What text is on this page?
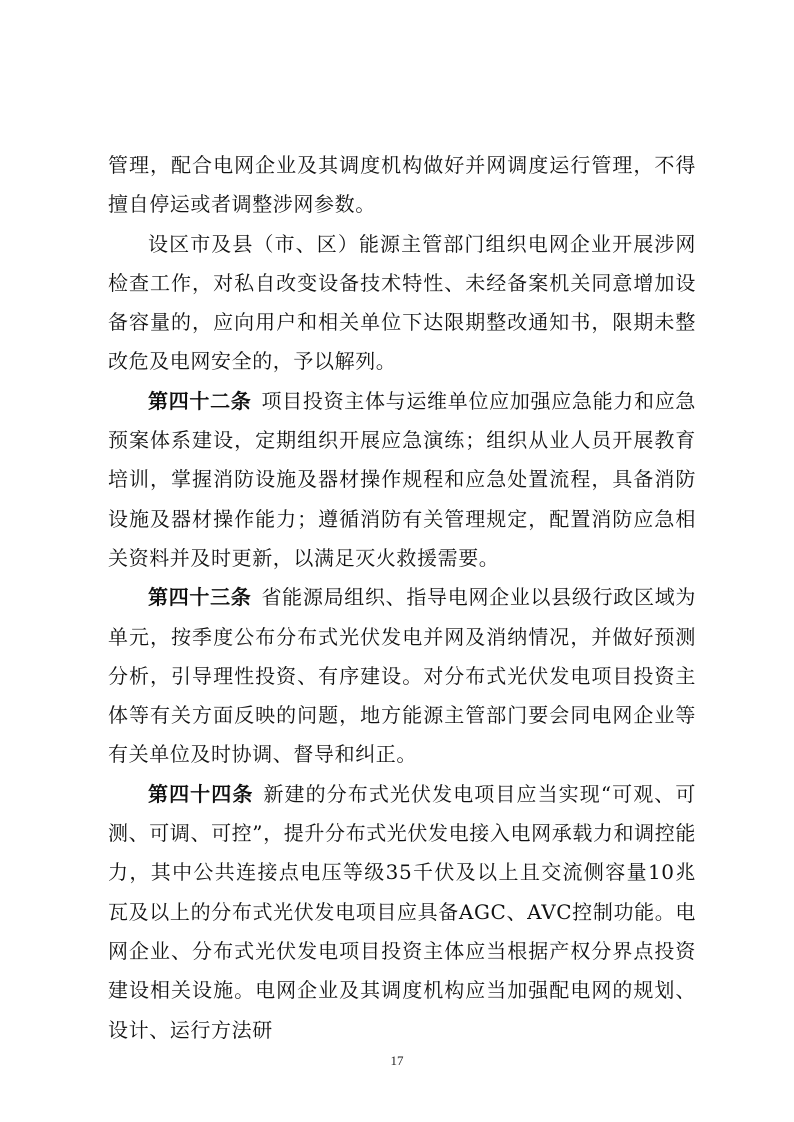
管理，配合电网企业及其调度机构做好并网调度运行管理，不得擅自停运或者调整涉网参数。

设区市及县（市、区）能源主管部门组织电网企业开展涉网检查工作，对私自改变设备技术特性、未经备案机关同意增加设备容量的，应向用户和相关单位下达限期整改通知书，限期未整改危及电网安全的，予以解列。

第四十二条 项目投资主体与运维单位应加强应急能力和应急预案体系建设，定期组织开展应急演练；组织从业人员开展教育培训，掌握消防设施及器材操作规程和应急处置流程，具备消防设施及器材操作能力；遵循消防有关管理规定，配置消防应急相关资料并及时更新，以满足灭火救援需要。

第四十三条 省能源局组织、指导电网企业以县级行政区域为单元，按季度公布分布式光伏发电并网及消纳情况，并做好预测分析，引导理性投资、有序建设。对分布式光伏发电项目投资主体等有关方面反映的问题，地方能源主管部门要会同电网企业等有关单位及时协调、督导和纠正。

第四十四条 新建的分布式光伏发电项目应当实现“可观、可测、可调、可控”，提升分布式光伏发电接入电网承载力和调控能力，其中公共连接点电压等级35千伏及以上且交流侧容量10兆瓦及以上的分布式光伏发电项目应具备AGC、AVC控制功能。电网企业、分布式光伏发电项目投资主体应当根据产权分界点投资建设相关设施。电网企业及其调度机构应当加强配电网的规划、设计、运行方法研

17
